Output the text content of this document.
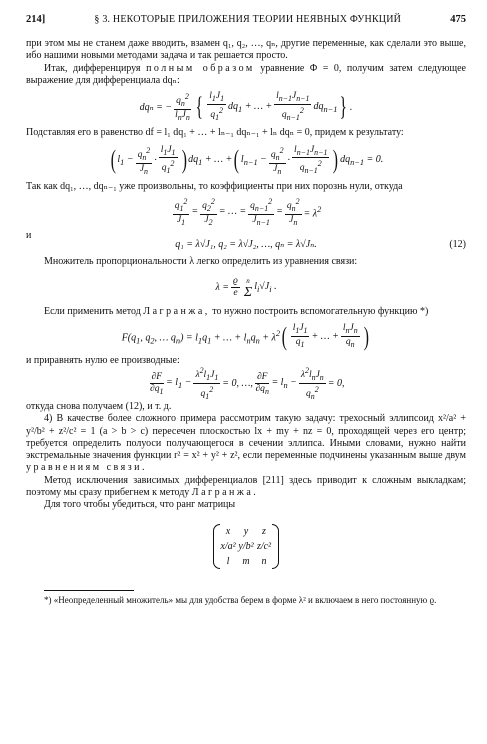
214]	§ 3. НЕКОТОРЫЕ ПРИЛОЖЕНИЯ ТЕОРИИ НЕЯВНЫХ ФУНКЦИЙ	475

при этом мы не станем даже вводить, взамен q₁, q₂, …, qₙ, другие переменные, как сделали это выше, ибо нашими новыми методами задача и так решается просто.

Итак, дифференцируя полным образом уравнение Φ = 0, получим затем следующее выражение для дифференциала dqₙ:

dqₙ = − $\frac{q_n^2}{l_nJ_n}$ { $\frac{l_1J_1}{q_1^2} dq_1$ + … + $\frac{l_{n-1}J_{n-1}}{q_{n-1}^2} dq_{n-1}$ } .

Подставляя его в равенство df = l₁ dq₁ + … + lₙ₋₁ dqₙ₋₁ + lₙ dqₙ = 0, придем к результату:

( $l_1 - \frac{q_n^2}{J_n} \cdot \frac{l_1J_1}{q_1^2}$ ) $dq_1$ + … + ( $l_{n-1} - \frac{q_n^2}{J_n} \cdot \frac{l_{n-1}J_{n-1}}{q_{n-1}^2}$ ) $dq_{n-1} = 0$.

Так как dq₁, …, dqₙ₋₁ уже произвольны, то коэффициенты при них порознь нули, откуда

$\frac{q_1^2}{J_1} = \frac{q_2^2}{J_2}$ = … = $\frac{q_{n-1}^2}{J_{n-1}} = \frac{q_n^2}{J_n} = \lambda^2$

и

q₁ = λ√J₁, q₂ = λ√J₂, …, qₙ = λ√Jₙ.	(12)

Множитель пропорциональности λ легко определить из уравнения связи:

$\lambda = \frac{ϱ}{e}$ n
Σ $l_i√J_i$ .

Если применить метод Лагранжа, то нужно построить вспомогательную функцию *)

$F(q_1$, $q_2$, … $q_n) = l_1q_1$ + … + $l_nq_n + \lambda^2$ ( $\frac{l_1J_1}{q_1}$ + … + $\frac{l_nJ_n}{q_n}$ )

и приравнять нулю ее производные:

$\frac{\partial F}{\partial q_1} = l_1 - \frac{\lambda^2l_1J_1}{q_1^2} = 0$, …, $\frac{\partial F}{\partial q_n} = l_n - \frac{\lambda^2l_nJ_n}{q_n^2} = 0$,

откуда снова получаем (12), и т. д.

4) В качестве более сложного примера рассмотрим такую задачу: трехосный эллипсоид x²/a² + y²/b² + z²/c² = 1 (a > b > c) пересечен плоскостью lx + my + nz = 0, проходящей через его центр; требуется определить полуоси получающегося в сечении эллипса. Иными словами, нужно найти экстремальные значения функции r² = x² + y² + z², если переменные подчинены указанным выше двум уравнениям связи.

Метод исключения зависимых дифференциалов [211] здесь приводит к сложным выкладкам; поэтому мы сразу прибегнем к методу Лагранжа.

Для того чтобы убедиться, что ранг матрицы

x	y	z
x/a² y/b² z/c²
l	m	n

*) «Неопределенный множитель» мы для удобства берем в форме λ² и включаем в него постоянную ϱ.
